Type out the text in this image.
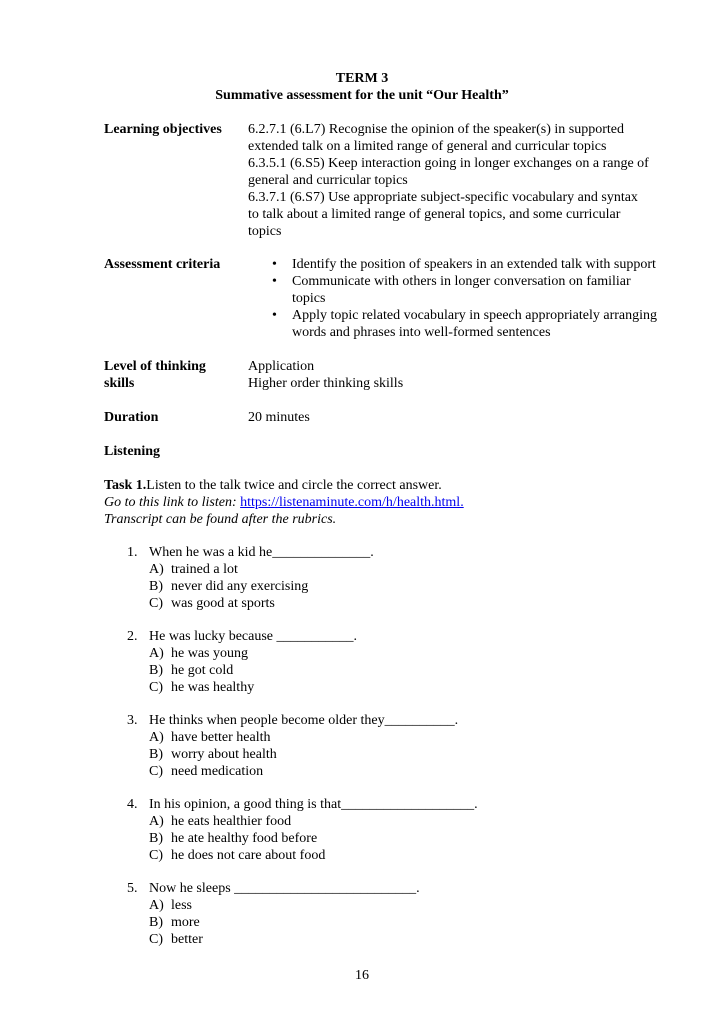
TERM 3
Summative assessment for the unit “Our Health”
Learning objectives 6.2.7.1 (6.L7) Recognise the opinion of the speaker(s) in supported
extended talk on a limited range of general and curricular topics
6.3.5.1 (6.S5) Keep interaction going in longer exchanges on a range of
general and curricular topics
6.3.7.1 (6.S7) Use appropriate subject-specific vocabulary and syntax
to talk about a limited range of general topics, and some curricular
topics
Assessment criteria	• Identify the position of speakers in an extended talk with support
• Communicate with others in longer conversation on familiar
topics
• Apply topic related vocabulary in speech appropriately arranging
words and phrases into well-formed sentences
Level of thinking
skills
Application
Higher order thinking skills
Duration	20 minutes
Listening
Task 1.Listen to the talk twice and circle the correct answer.
Go to this link to listen: https://listenaminute.com/h/health.html.
Transcript can be found after the rubrics.
1. When he was a kid he______________.
A) trained a lot
B) never did any exercising
C) was good at sports
2. He was lucky because ___________.
A) he was young
B) he got cold
C) he was healthy
3. He thinks when people become older they__________.
A) have better health
B) worry about health
C) need medication
4. In his opinion, a good thing is that___________________.
A) he eats healthier food
B) he ate healthy food before
C) he does not care about food
5. Now he sleeps __________________________.
A) less
B) more
C) better
16
